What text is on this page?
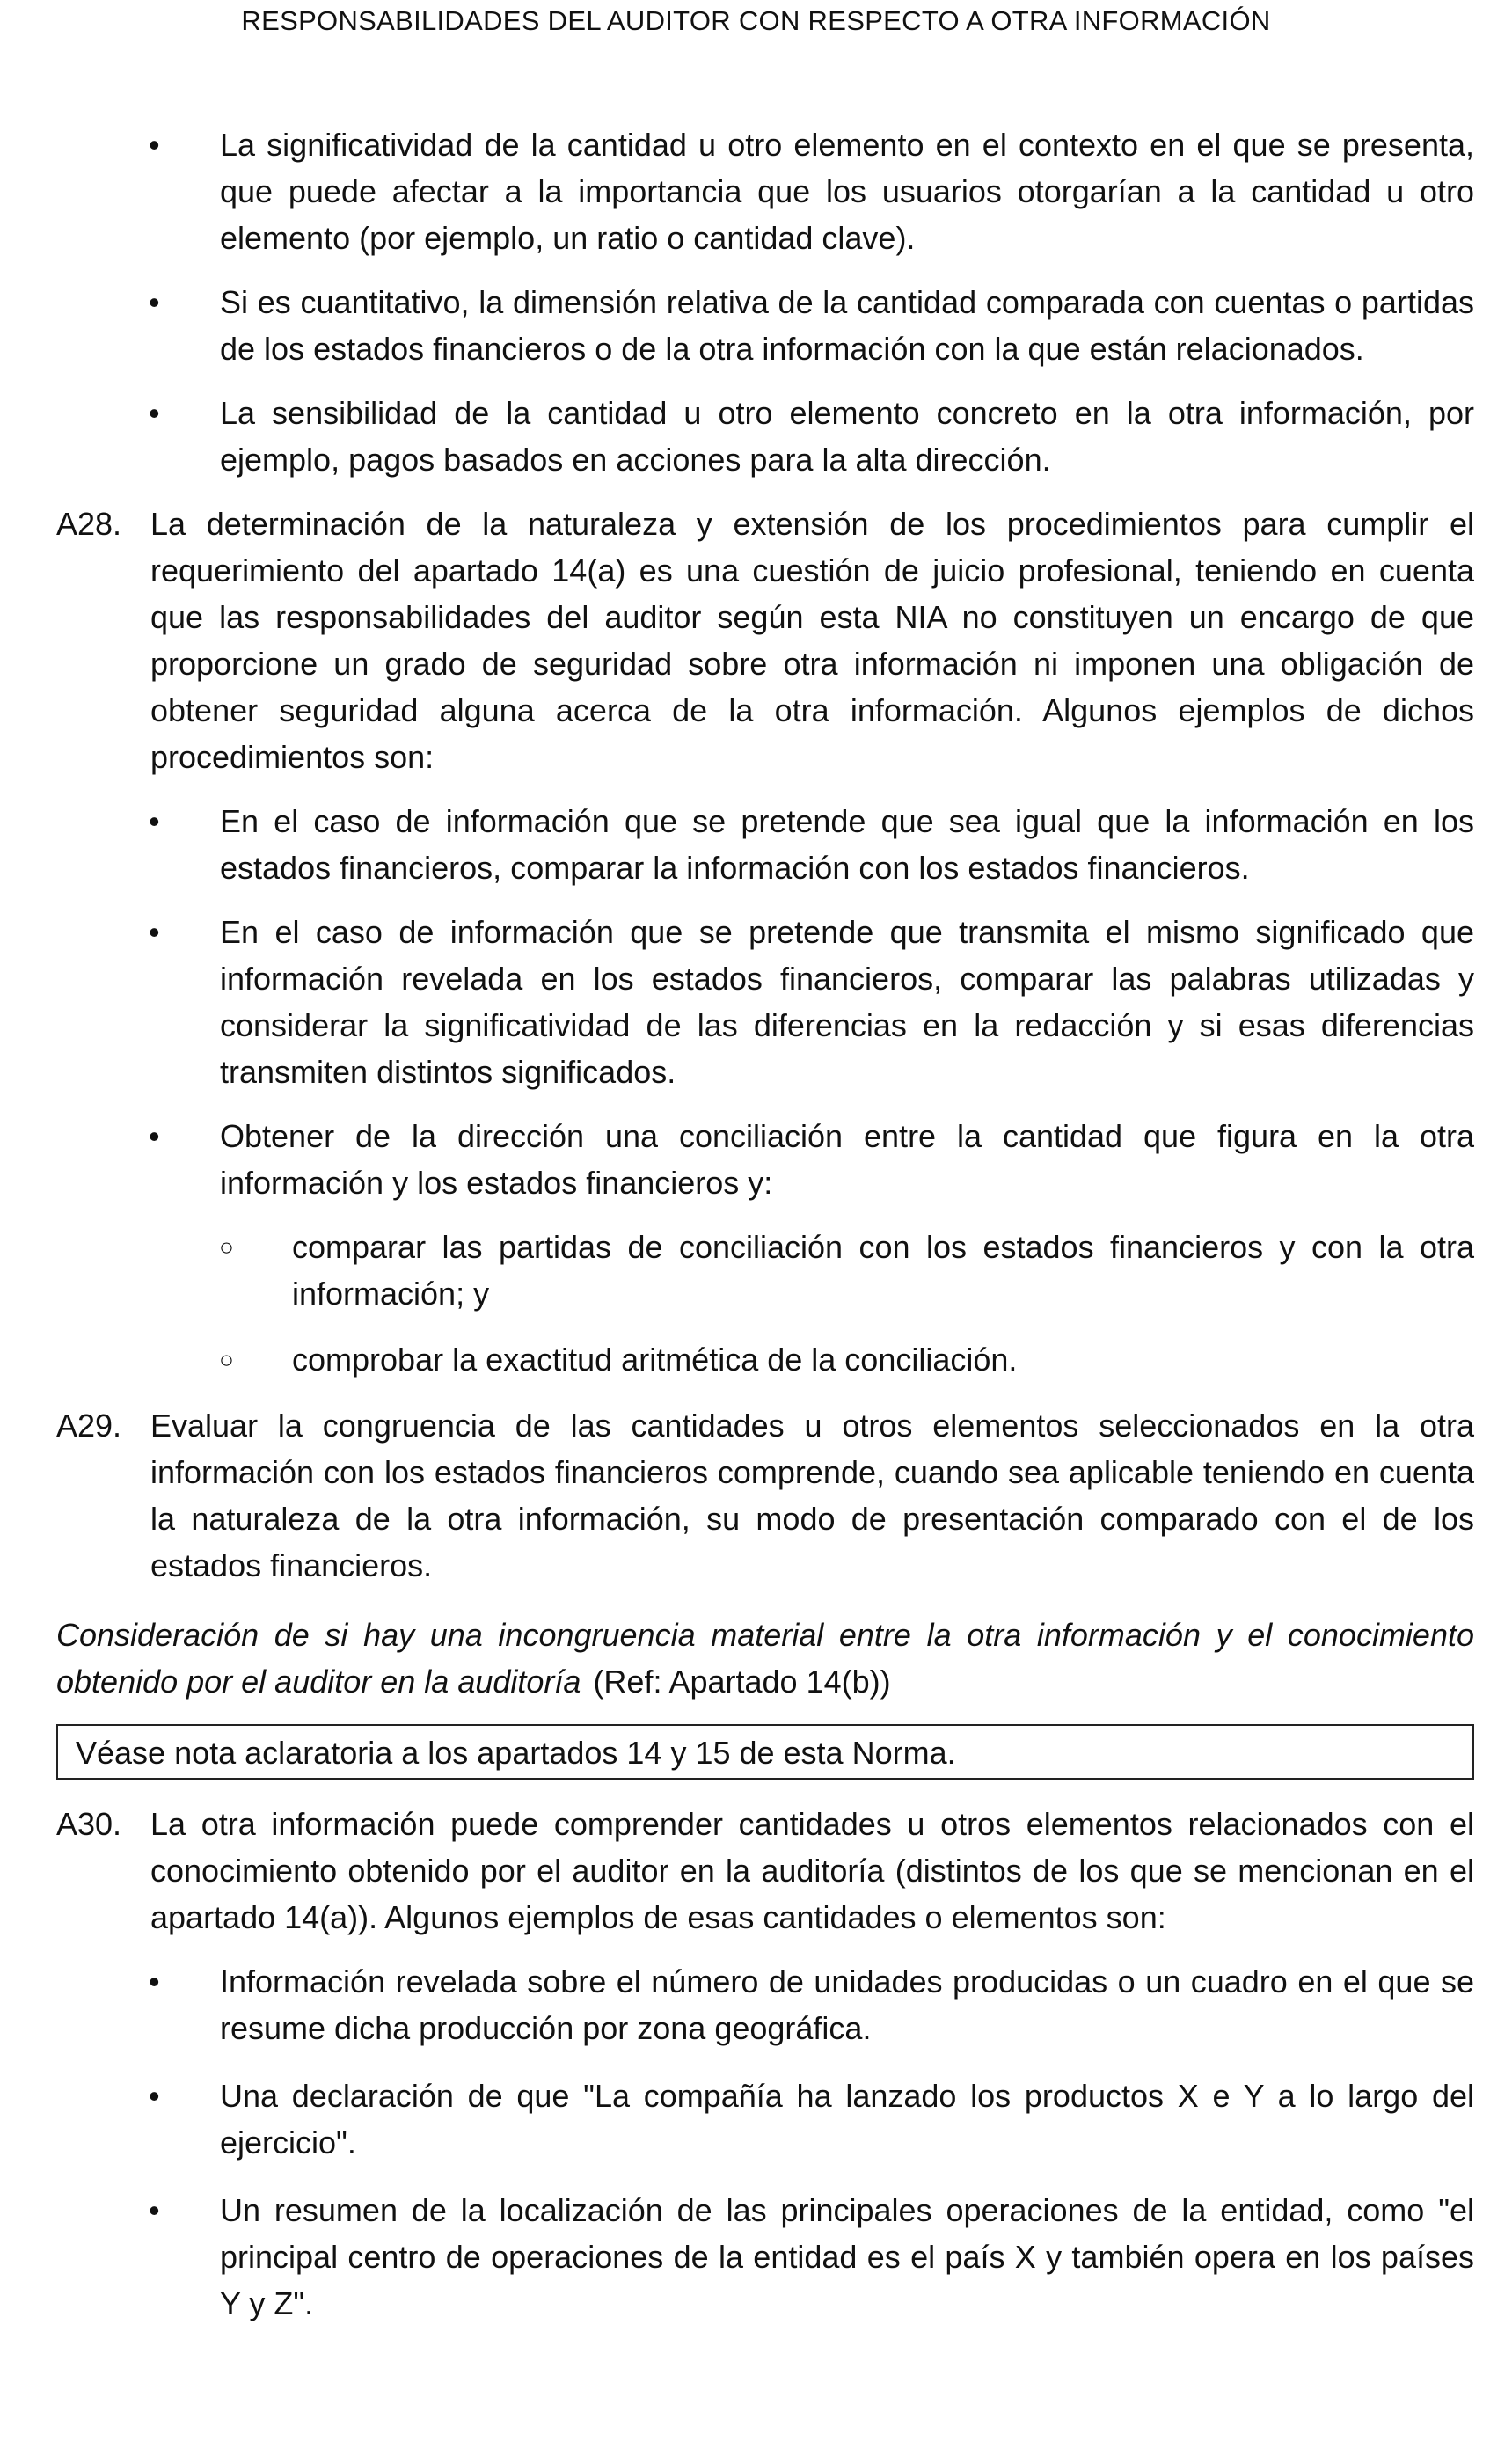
RESPONSABILIDADES DEL AUDITOR CON RESPECTO A OTRA INFORMACIÓN
• La significatividad de la cantidad u otro elemento en el contexto en el que se presenta, que puede afectar a la importancia que los usuarios otorgarían a la cantidad u otro elemento (por ejemplo, un ratio o cantidad clave).
• Si es cuantitativo, la dimensión relativa de la cantidad comparada con cuentas o partidas de los estados financieros o de la otra información con la que están relacionados.
• La sensibilidad de la cantidad u otro elemento concreto en la otra información, por ejemplo, pagos basados en acciones para la alta dirección.
A28. La determinación de la naturaleza y extensión de los procedimientos para cumplir el requerimiento del apartado 14(a) es una cuestión de juicio profesional, teniendo en cuenta que las responsabilidades del auditor según esta NIA no constituyen un encargo de que proporcione un grado de seguridad sobre otra información ni imponen una obligación de obtener seguridad alguna acerca de la otra información. Algunos ejemplos de dichos procedimientos son:
• En el caso de información que se pretende que sea igual que la información en los estados financieros, comparar la información con los estados financieros.
• En el caso de información que se pretende que transmita el mismo significado que información revelada en los estados financieros, comparar las palabras utilizadas y considerar la significatividad de las diferencias en la redacción y si esas diferencias transmiten distintos significados.
• Obtener de la dirección una conciliación entre la cantidad que figura en la otra información y los estados financieros y:
○ comparar las partidas de conciliación con los estados financieros y con la otra información; y
○ comprobar la exactitud aritmética de la conciliación.
A29. Evaluar la congruencia de las cantidades u otros elementos seleccionados en la otra información con los estados financieros comprende, cuando sea aplicable teniendo en cuenta la naturaleza de la otra información, su modo de presentación comparado con el de los estados financieros.
Consideración de si hay una incongruencia material entre la otra información y el conocimiento obtenido por el auditor en la auditoría (Ref: Apartado 14(b))
Véase nota aclaratoria a los apartados 14 y 15 de esta Norma.
A30. La otra información puede comprender cantidades u otros elementos relacionados con el conocimiento obtenido por el auditor en la auditoría (distintos de los que se mencionan en el apartado 14(a)). Algunos ejemplos de esas cantidades o elementos son:
• Información revelada sobre el número de unidades producidas o un cuadro en el que se resume dicha producción por zona geográfica.
• Una declaración de que "La compañía ha lanzado los productos X e Y a lo largo del ejercicio".
• Un resumen de la localización de las principales operaciones de la entidad, como "el principal centro de operaciones de la entidad es el país X y también opera en los países Y y Z".
